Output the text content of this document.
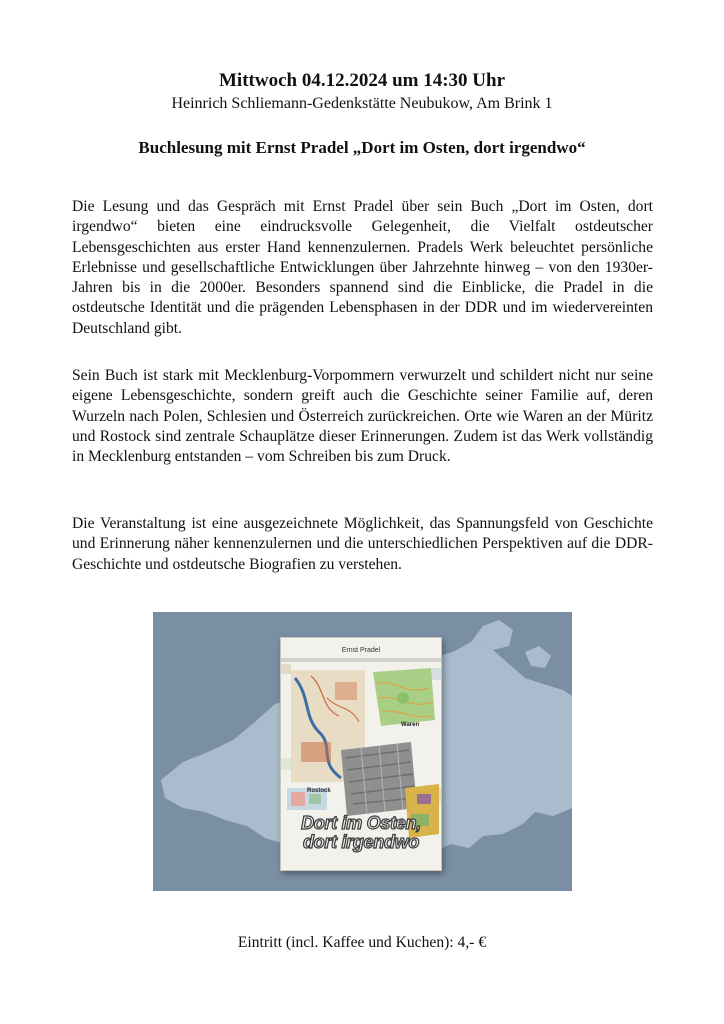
Mittwoch 04.12.2024 um 14:30 Uhr
Heinrich Schliemann-Gedenkstätte Neubukow, Am Brink 1
Buchlesung mit Ernst Pradel „Dort im Osten, dort irgendwo“

Die Lesung und das Gespräch mit Ernst Pradel über sein Buch „Dort im Osten, dort irgendwo“ bieten eine eindrucksvolle Gelegenheit, die Vielfalt ostdeutscher Lebensgeschichten aus erster Hand kennenzulernen. Pradels Werk beleuchtet persönliche Erlebnisse und gesellschaftliche Entwicklungen über Jahrzehnte hinweg – von den 1930er-Jahren bis in die 2000er. Besonders spannend sind die Einblicke, die Pradel in die ostdeutsche Identität und die prägenden Lebensphasen in der DDR und im wiedervereinten Deutschland gibt.

Sein Buch ist stark mit Mecklenburg-Vorpommern verwurzelt und schildert nicht nur seine eigene Lebensgeschichte, sondern greift auch die Geschichte seiner Familie auf, deren Wurzeln nach Polen, Schlesien und Österreich zurückreichen. Orte wie Waren an der Müritz und Rostock sind zentrale Schauplätze dieser Erinnerungen. Zudem ist das Werk vollständig in Mecklenburg entstanden – vom Schreiben bis zum Druck.

Die Veranstaltung ist eine ausgezeichnete Möglichkeit, das Spannungsfeld von Geschichte und Erinnerung näher kennenzulernen und die unterschiedlichen Perspektiven auf die DDR-Geschichte und ostdeutsche Biografien zu verstehen.

Ernst Pradel
Waren
Rostock
Dort im Osten,
dort irgendwo
Eintritt (incl. Kaffee und Kuchen): 4,- €
